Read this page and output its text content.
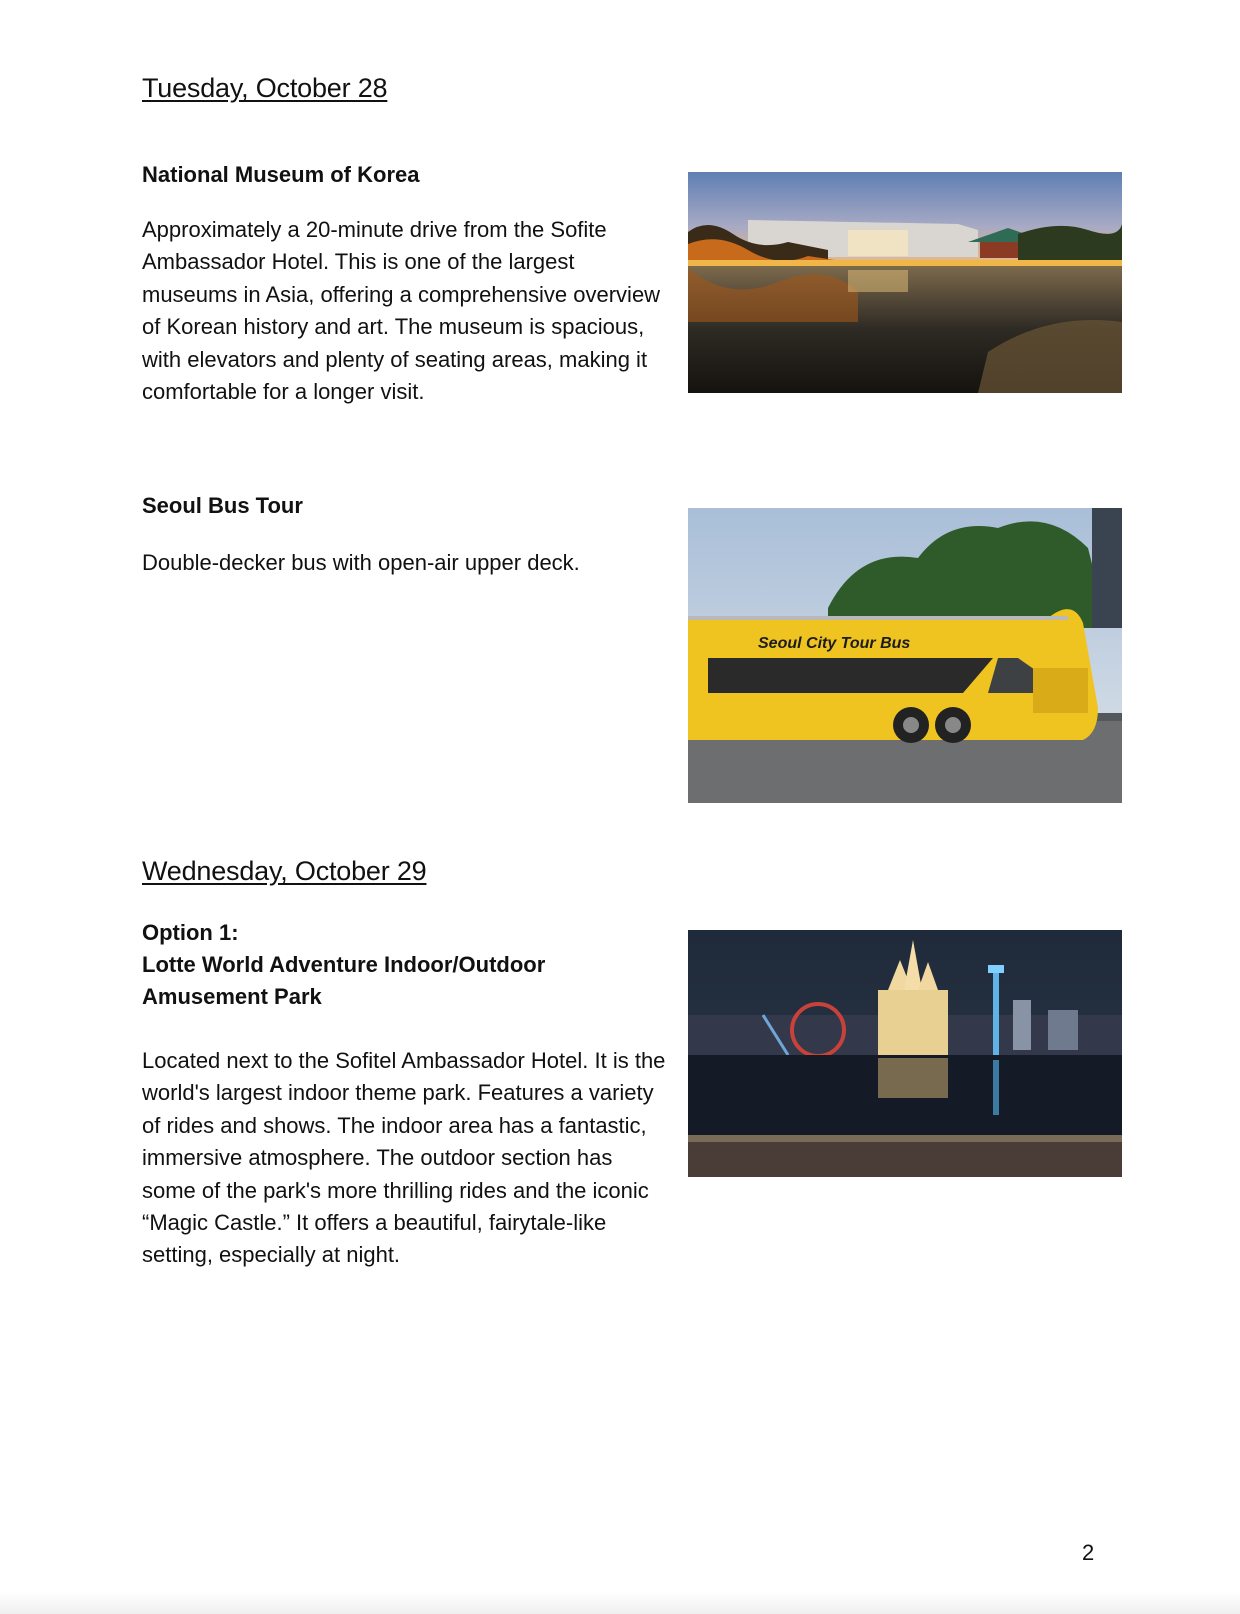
Tuesday, October 28
National Museum of Korea

Approximately a 20-minute drive from the Sofite Ambassador Hotel. This is one of the largest museums in Asia, offering a comprehensive overview of Korean history and art. The museum is spacious, with elevators and plenty of seating areas, making it comfortable for a longer visit.

Seoul Bus Tour

Double-decker bus with open-air upper deck.

Seoul City Tour Bus
Wednesday, October 29
Option 1:
Lotte World Adventure Indoor/Outdoor Amusement Park

Located next to the Sofitel Ambassador Hotel. It is the world's largest indoor theme park. Features a variety of rides and shows. The indoor area has a fantastic, immersive atmosphere. The outdoor section has some of the park's more thrilling rides and the iconic “Magic Castle.” It offers a beautiful, fairytale-like setting, especially at night.

2
